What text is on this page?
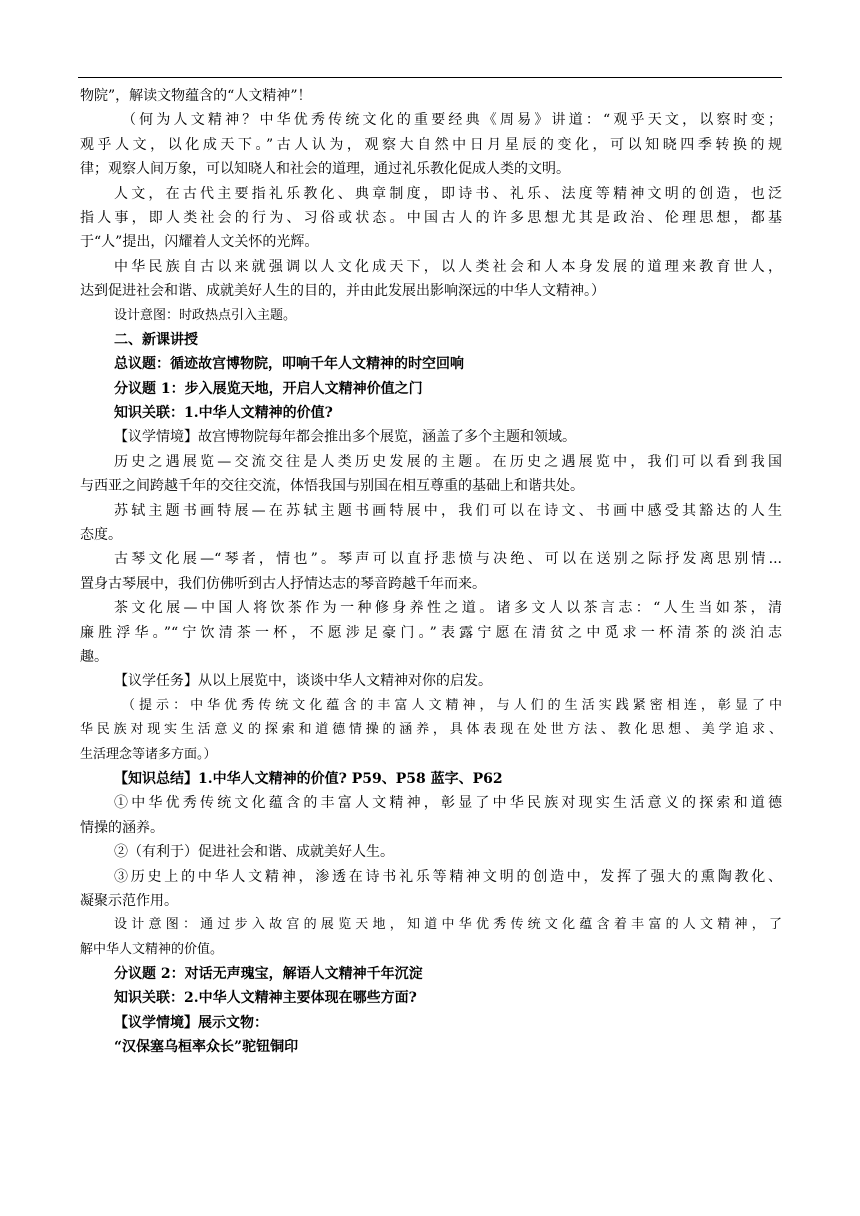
物院”，解读文物蕴含的“人文精神”！
（何为人文精神？中华优秀传统文化的重要经典《周易》讲道：“观乎天文，以察时变；
观乎人文，以化成天下。”古人认为，观察大自然中日月星辰的变化，可以知晓四季转换的规
律；观察人间万象，可以知晓人和社会的道理，通过礼乐教化促成人类的文明。
人文，在古代主要指礼乐教化、典章制度，即诗书、礼乐、法度等精神文明的创造，也泛
指人事，即人类社会的行为、习俗或状态。中国古人的许多思想尤其是政治、伦理思想，都基
于“人”提出，闪耀着人文关怀的光辉。
中华民族自古以来就强调以人文化成天下，以人类社会和人本身发展的道理来教育世人，
达到促进社会和谐、成就美好人生的目的，并由此发展出影响深远的中华人文精神。）
设计意图：时政热点引入主题。
二、新课讲授
总议题：循迹故宫博物院，叩响千年人文精神的时空回响
分议题 1：步入展览天地，开启人文精神价值之门
知识关联：1.中华人文精神的价值?
【议学情境】故宫博物院每年都会推出多个展览，涵盖了多个主题和领域。
历史之遇展览—交流交往是人类历史发展的主题。在历史之遇展览中，我们可以看到我国
与西亚之间跨越千年的交往交流，体悟我国与别国在相互尊重的基础上和谐共处。
苏轼主题书画特展—在苏轼主题书画特展中，我们可以在诗文、书画中感受其豁达的人生
态度。
古琴文化展—“琴者，情也”。琴声可以直抒悲愤与决绝、可以在送别之际抒发离思别情...
置身古琴展中，我们仿佛听到古人抒情达志的琴音跨越千年而来。
茶文化展—中国人将饮茶作为一种修身养性之道。诸多文人以茶言志：“人生当如茶，清
廉胜浮华。”“宁饮清茶一杯，不愿涉足豪门。”表露宁愿在清贫之中觅求一杯清茶的淡泊志
趣。
【议学任务】从以上展览中，谈谈中华人文精神对你的启发。
（提示：中华优秀传统文化蕴含的丰富人文精神，与人们的生活实践紧密相连，彰显了中
华民族对现实生活意义的探索和道德情操的涵养，具体表现在处世方法、教化思想、美学追求、
生活理念等诸多方面。）
【知识总结】1.中华人文精神的价值? P59、P58 蓝字、P62
①中华优秀传统文化蕴含的丰富人文精神，彰显了中华民族对现实生活意义的探索和道德
情操的涵养。
②（有利于）促进社会和谐、成就美好人生。
③历史上的中华人文精神，渗透在诗书礼乐等精神文明的创造中，发挥了强大的熏陶教化、
凝聚示范作用。
设计意图：通过步入故宫的展览天地，知道中华优秀传统文化蕴含着丰富的人文精神，了
解中华人文精神的价值。
分议题 2：对话无声瑰宝，解语人文精神千年沉淀
知识关联：2.中华人文精神主要体现在哪些方面?
【议学情境】展示文物：
“汉保塞乌桓率众长”驼钮铜印
